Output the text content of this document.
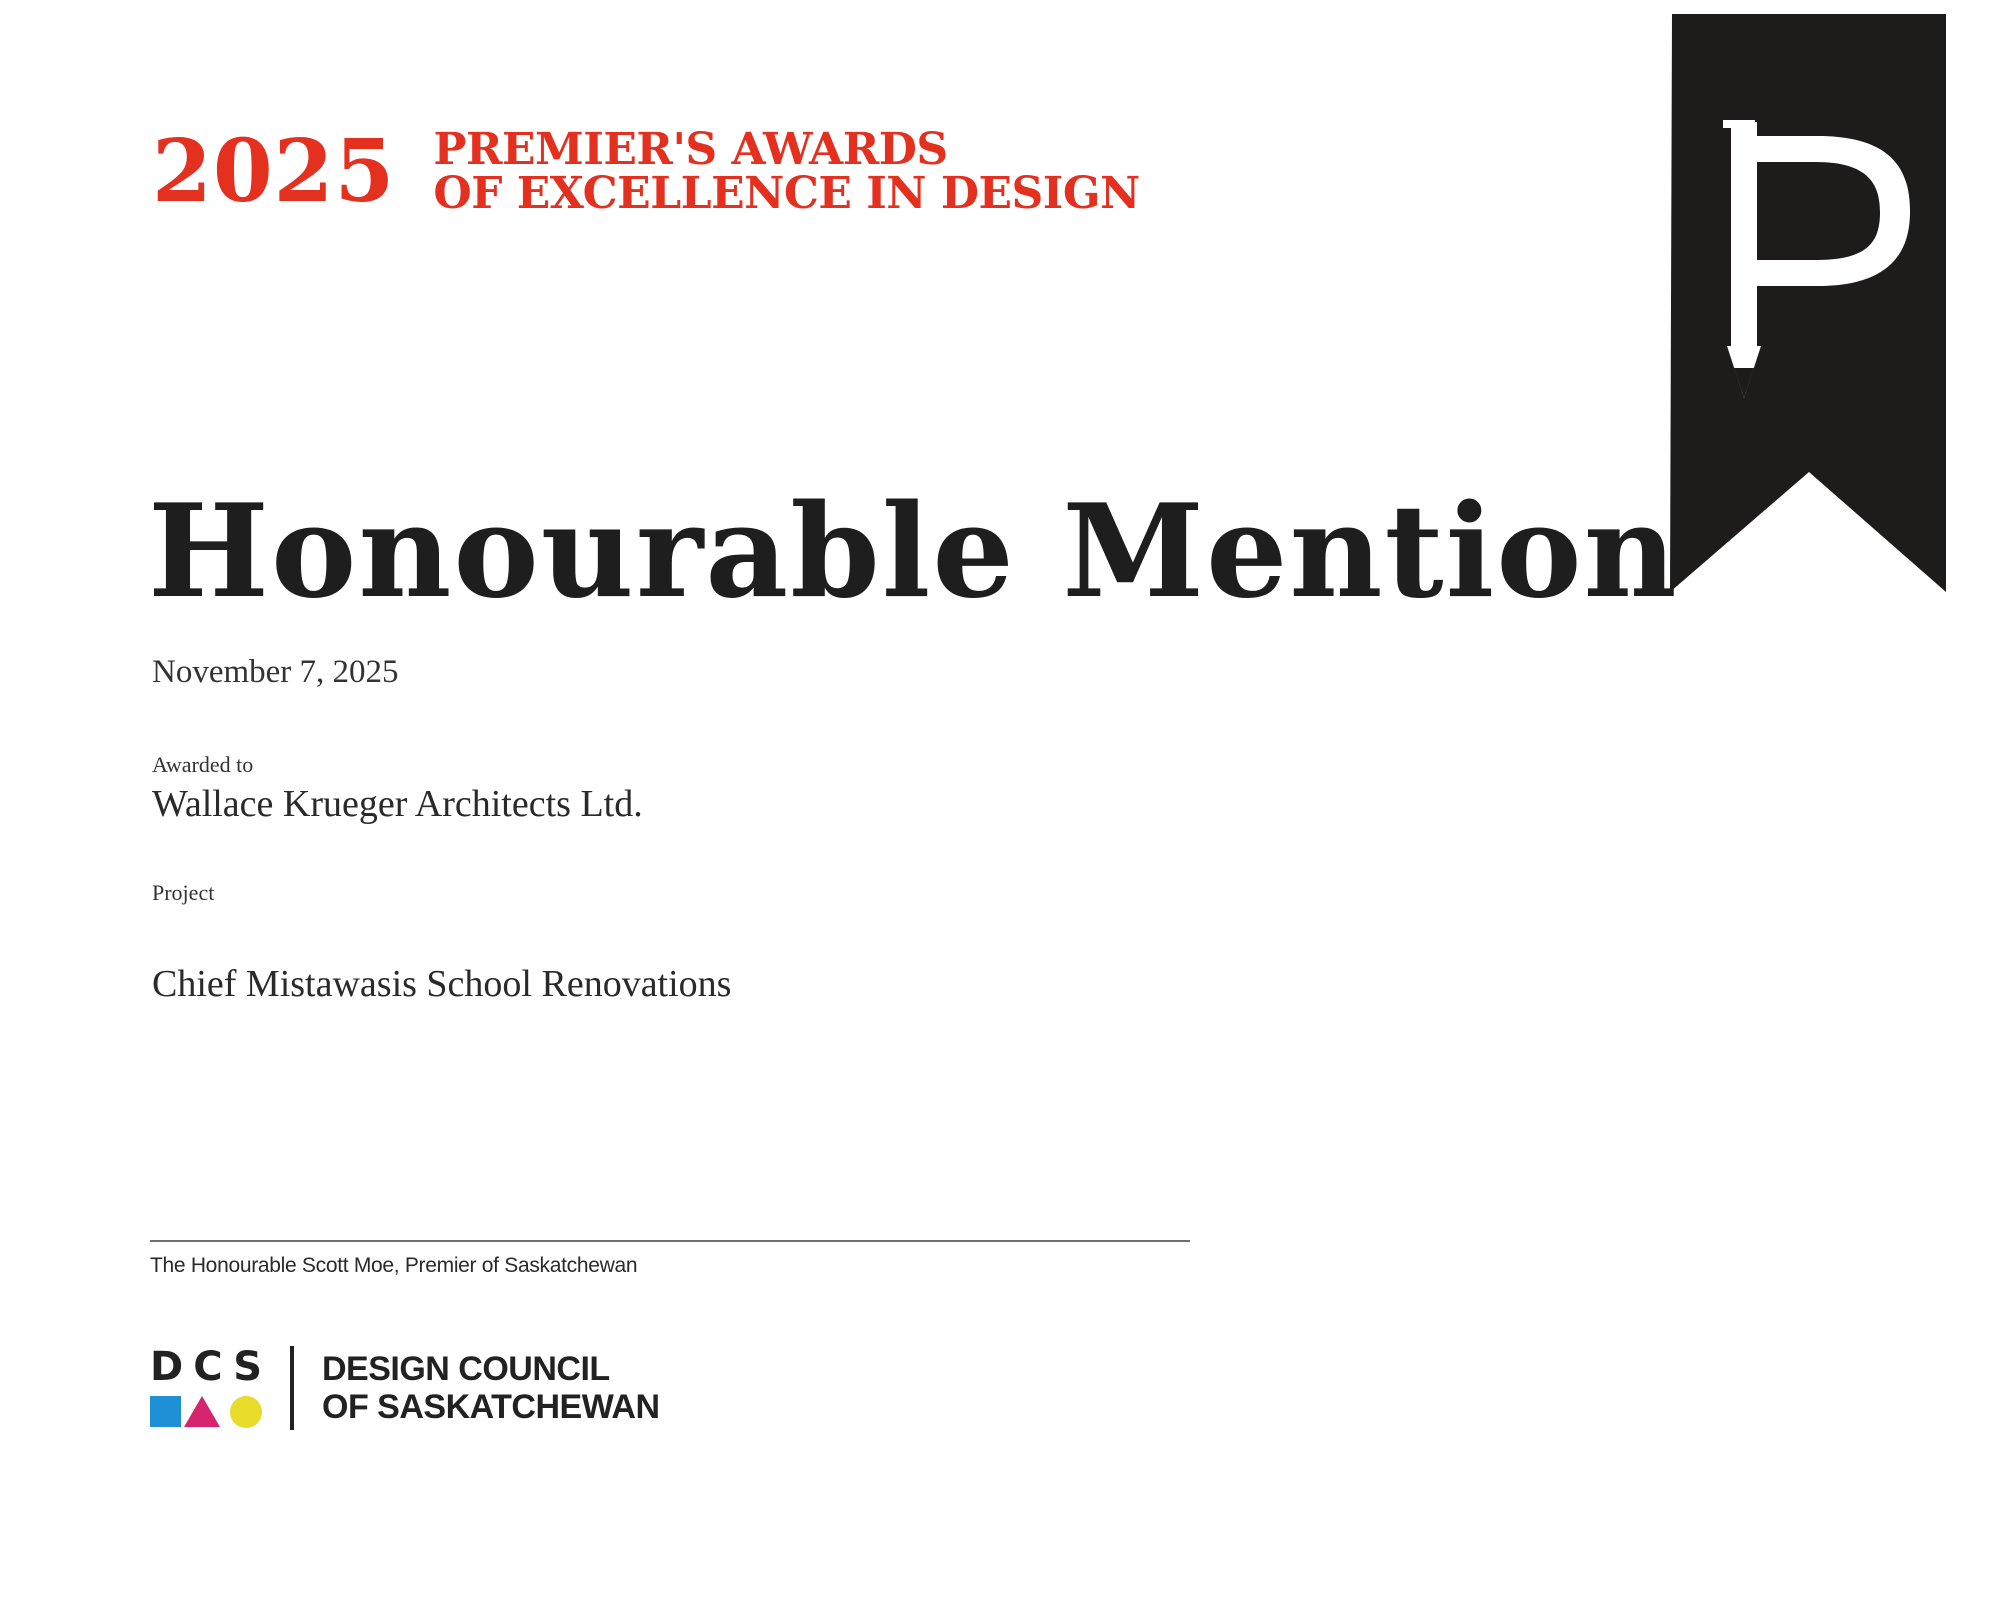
2025 PREMIER'S AWARDS
OF EXCELLENCE IN DESIGN
Honourable Mention
November 7, 2025
Awarded to
Wallace Krueger Architects Ltd.
Project
Chief Mistawasis School Renovations
The Honourable Scott Moe, Premier of Saskatchewan
DCS DESIGN COUNCIL
OF SASKATCHEWAN
